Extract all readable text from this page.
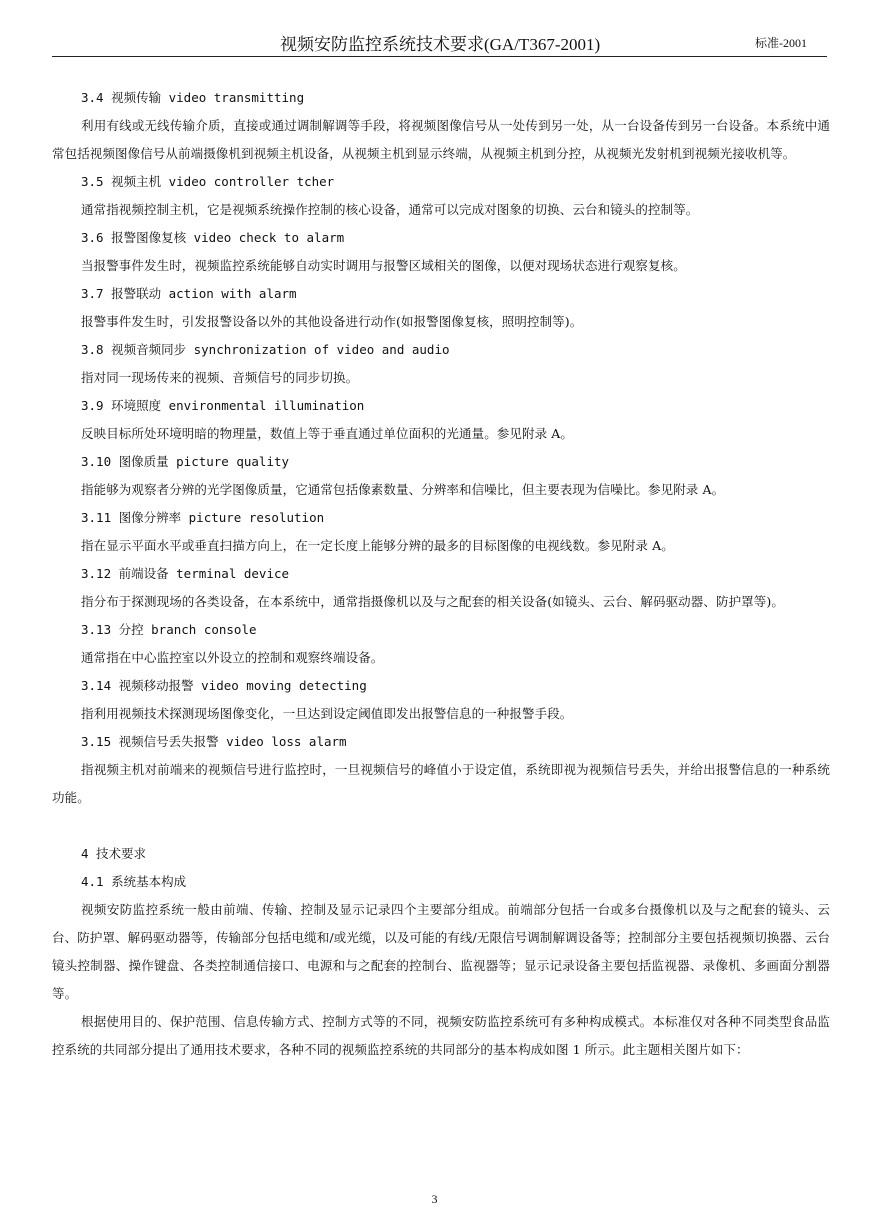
视频安防监控系统技术要求(GA/T367-2001)	标准-2001
3.4 视频传输 video transmitting
利用有线或无线传输介质，直接或通过调制解调等手段，将视频图像信号从一处传到另一处，从一台设备传到另一台设备。本系统中通常包括视频图像信号从前端摄像机到视频主机设备，从视频主机到显示终端，从视频主机到分控，从视频光发射机到视频光接收机等。
3.5 视频主机 video controller tcher
通常指视频控制主机，它是视频系统操作控制的核心设备，通常可以完成对图象的切换、云台和镜头的控制等。
3.6 报警图像复核 video check to alarm
当报警事件发生时，视频监控系统能够自动实时调用与报警区域相关的图像，以便对现场状态进行观察复核。
3.7 报警联动 action with alarm
报警事件发生时，引发报警设备以外的其他设备进行动作(如报警图像复核，照明控制等)。
3.8 视频音频同步 synchronization of video and audio
指对同一现场传来的视频、音频信号的同步切换。
3.9 环境照度 environmental illumination
反映目标所处环境明暗的物理量，数值上等于垂直通过单位面积的光通量。参见附录 A。
3.10 图像质量 picture quality
指能够为观察者分辨的光学图像质量，它通常包括像素数量、分辨率和信噪比，但主要表现为信噪比。参见附录 A。
3.11 图像分辨率 picture resolution
指在显示平面水平或垂直扫描方向上，在一定长度上能够分辨的最多的目标图像的电视线数。参见附录 A。
3.12 前端设备 terminal device
指分布于探测现场的各类设备，在本系统中，通常指摄像机以及与之配套的相关设备(如镜头、云台、解码驱动器、防护罩等)。
3.13 分控 branch console
通常指在中心监控室以外设立的控制和观察终端设备。
3.14 视频移动报警 video moving detecting
指利用视频技术探测现场图像变化，一旦达到设定阈值即发出报警信息的一种报警手段。
3.15 视频信号丢失报警 video loss alarm
指视频主机对前端来的视频信号进行监控时，一旦视频信号的峰值小于设定值，系统即视为视频信号丢失，并给出报警信息的一种系统功能。
4 技术要求
4.1 系统基本构成
视频安防监控系统一般由前端、传输、控制及显示记录四个主要部分组成。前端部分包括一台或多台摄像机以及与之配套的镜头、云台、防护罩、解码驱动器等，传输部分包括电缆和/或光缆，以及可能的有线/无限信号调制解调设备等；控制部分主要包括视频切换器、云台镜头控制器、操作键盘、各类控制通信接口、电源和与之配套的控制台、监视器等；显示记录设备主要包括监视器、录像机、多画面分割器等。
根据使用目的、保护范围、信息传输方式、控制方式等的不同，视频安防监控系统可有多种构成模式。本标准仅对各种不同类型食品监控系统的共同部分提出了通用技术要求，各种不同的视频监控系统的共同部分的基本构成如图 1 所示。此主题相关图片如下：
3
